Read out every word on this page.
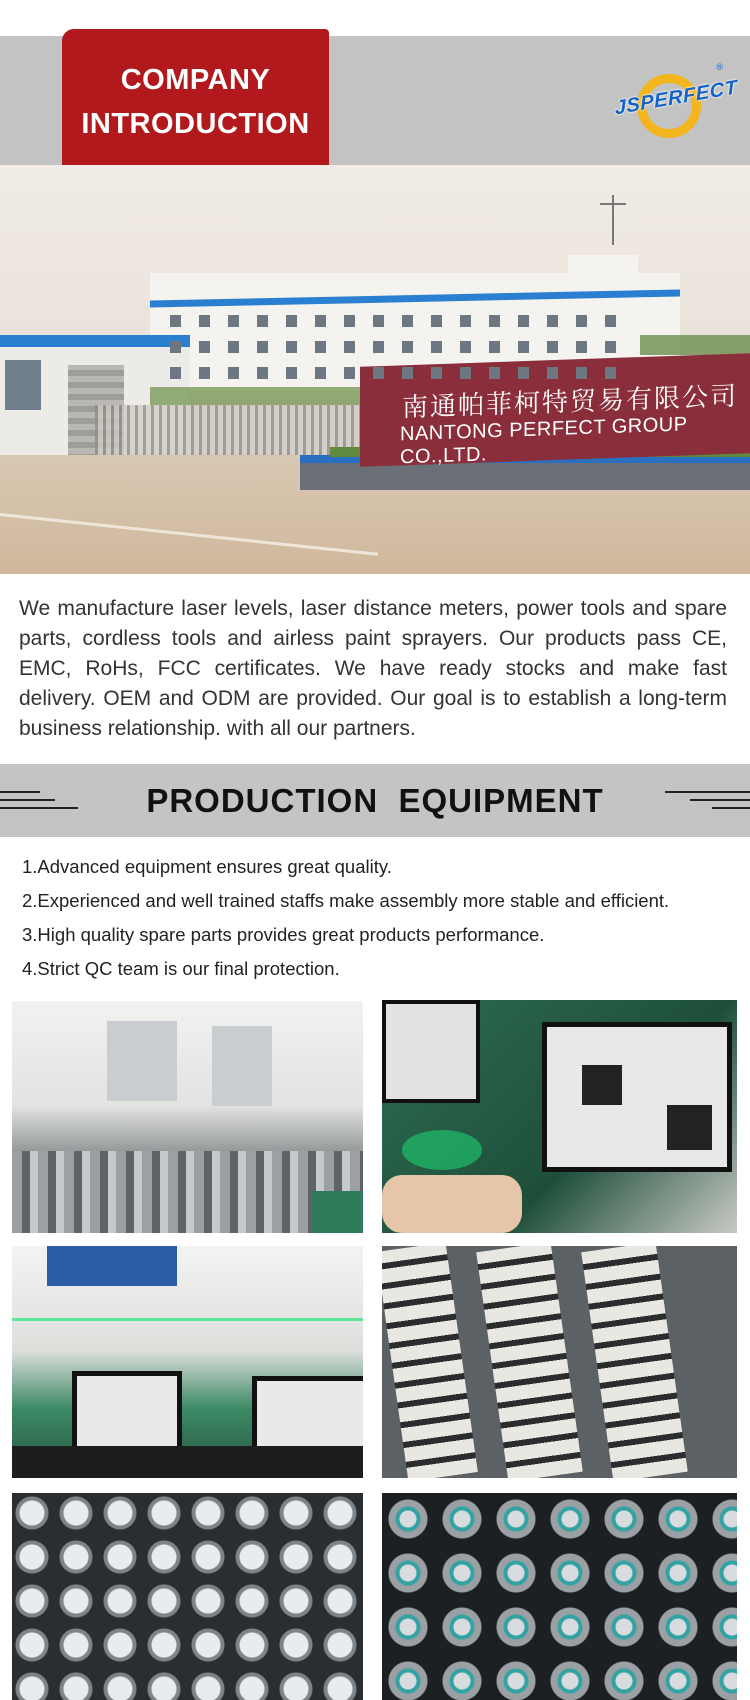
COMPANY
INTRODUCTION
JSPERFECT
®
南通帕菲柯特贸易有限公司
NANTONG PERFECT GROUP CO.,LTD.

We manufacture laser levels, laser distance meters, power tools and spare parts, cordless tools and airless paint sprayers. Our products pass CE, EMC, RoHs, FCC certificates. We have ready stocks and make fast delivery. OEM and ODM are provided. Our goal is to establish a long-term business relationship. with all our partners.

PRODUCTION  EQUIPMENT
1.Advanced equipment ensures great quality.
2.Experienced and well trained staffs make assembly more stable and efficient.
3.High quality spare parts provides great products performance.
4.Strict QC team is our final protection.
